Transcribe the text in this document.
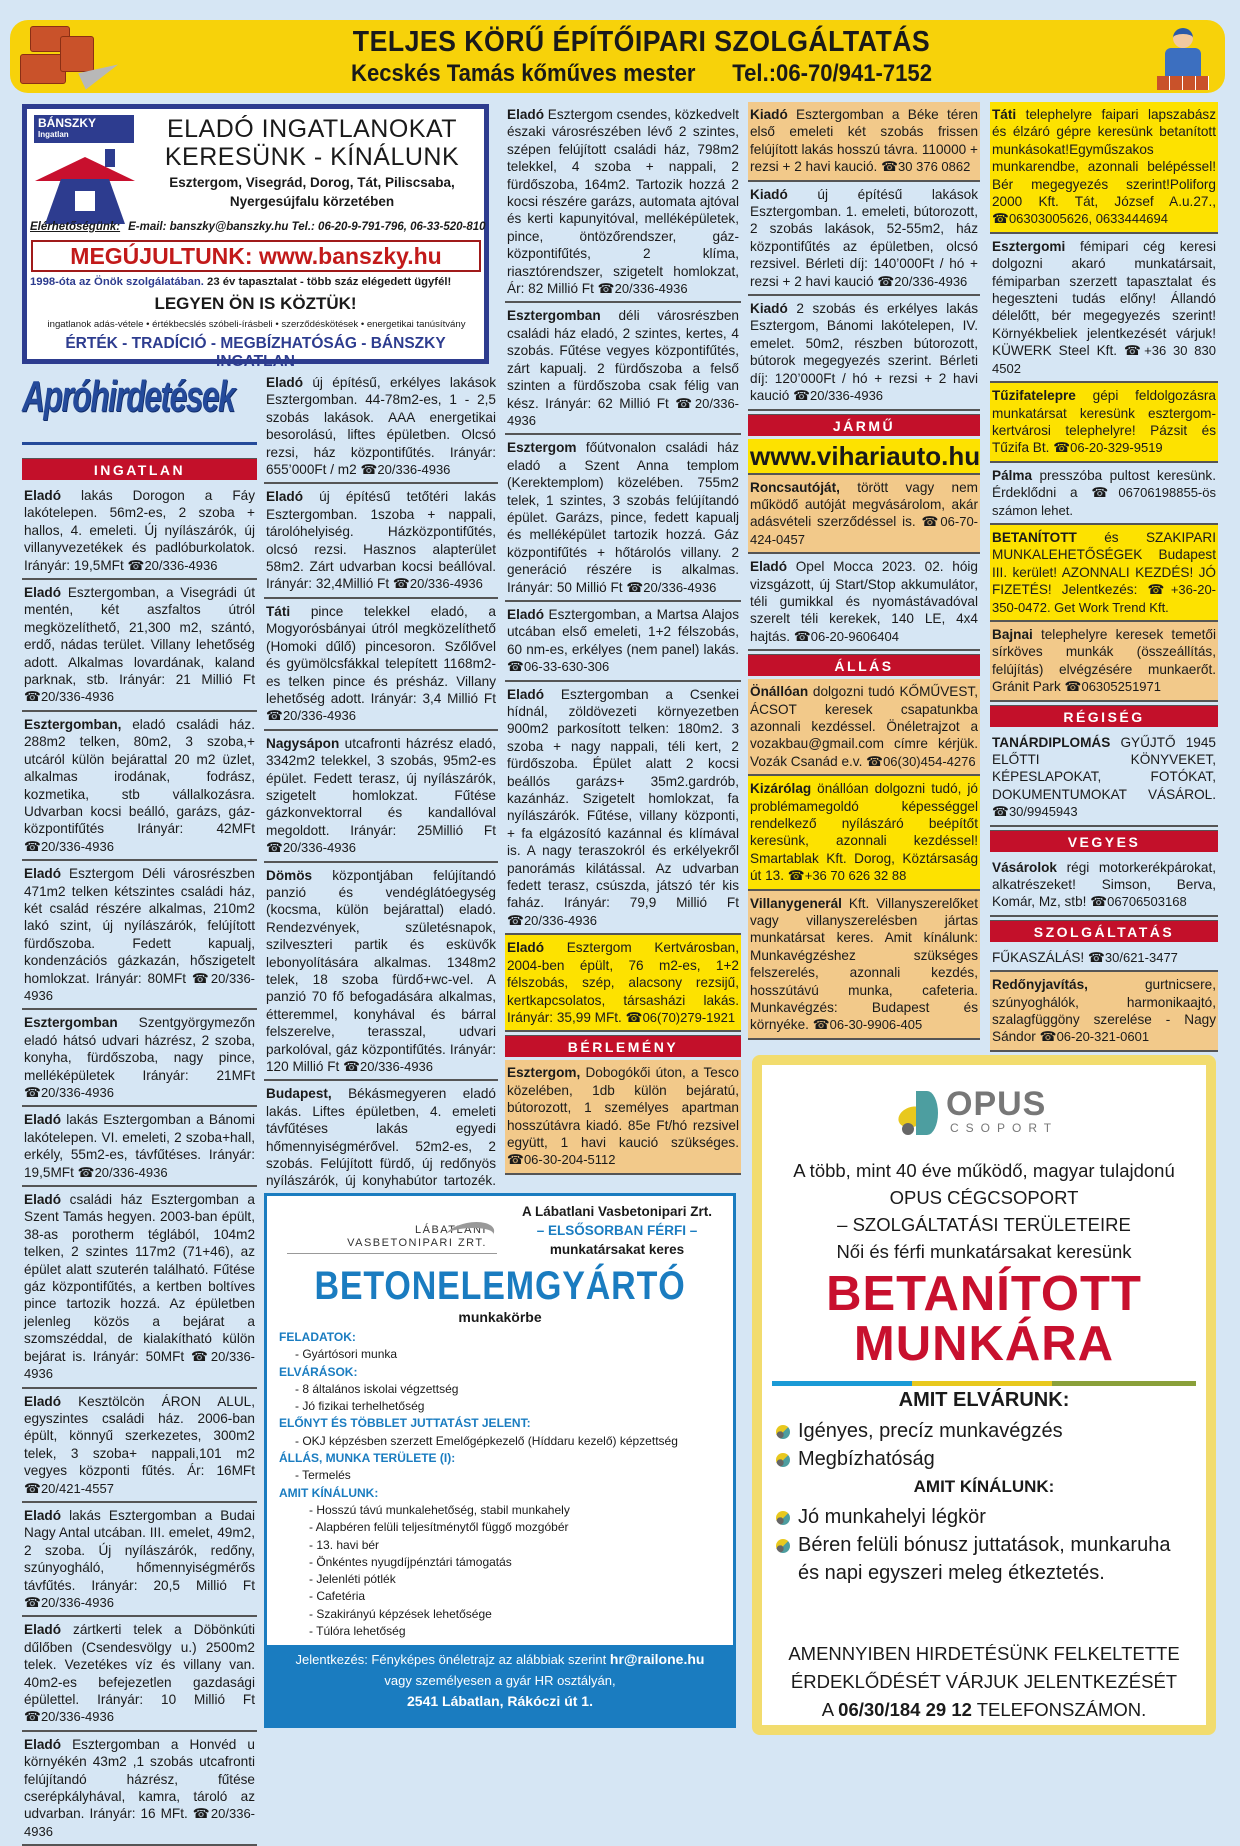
TELJES KÖRŰ ÉPÍTŐIPARI SZOLGÁLTATÁS
Kecskés Tamás kőműves mester Tel.:06-70/941-7152
BÁNSZKY
Ingatlan	ELADÓ INGATLANOKAT
KERESÜNK - KÍNÁLUNK
Esztergom, Visegrád, Dorog, Tát, Piliscsaba,
Nyergesújfalu körzetében
Elérhetőségünk: E-mail: banszky@banszky.hu Tel.: 06-20-9-791-796, 06-33-520-810
MEGÚJULTUNK: www.banszky.hu
1998-óta az Önök szolgálatában. 23 év tapasztalat - több száz elégedett ügyfél!
LEGYEN ÖN IS KÖZTÜK!
ingatlanok adás-vétele • értékbecslés szóbeli-írásbeli • szerződéskötések • energetikai tanúsítvány
ÉRTÉK - TRADÍCIÓ - MEGBÍZHATÓSÁG - BÁNSZKY INGATLAN
Apróhirdetések
INGATLAN
Eladó lakás Dorogon a Fáy lakótelepen. 56m2-es, 2 szoba + hallos, 4. emeleti. Új nyílászárók, új villanyvezetékek és padlóburkolatok. Irányár: 19,5MFt ☎20/336-4936
Eladó Esztergomban, a Visegrádi út mentén, két aszfaltos útról megközelíthető, 21,300 m2, szántó, erdő, nádas terület. Villany lehetőség adott. Alkalmas lovardának, kaland parknak, stb. Irányár: 21 Millió Ft ☎20/336-4936
Esztergomban, eladó családi ház. 288m2 telken, 80m2, 3 szoba,+ utcáról külön bejárattal 20 m2 üzlet, alkalmas irodának, fodrász, kozmetika, stb vállalkozásra. Udvarban kocsi beálló, garázs, gáz-központifűtés Irányár: 42MFt ☎20/336-4936
Eladó Esztergom Déli városrészben 471m2 telken kétszintes családi ház, két család részére alkalmas, 210m2 lakó szint, új nyílászárók, felújított fürdőszoba. Fedett kapualj, kondenzációs gázkazán, hőszigetelt homlokzat. Irányár: 80MFt ☎20/336-4936
Esztergomban Szentgyörgymezőn eladó hátsó udvari házrész, 2 szoba, konyha, fürdőszoba, nagy pince, melléképületek Irányár: 21MFt ☎20/336-4936
Eladó lakás Esztergomban a Bánomi lakótelepen. VI. emeleti, 2 szoba+hall, erkély, 55m2-es, távfűtéses. Irányár: 19,5MFt ☎20/336-4936
Eladó családi ház Esztergomban a Szent Tamás hegyen. 2003-ban épült, 38-as porotherm téglából, 104m2 telken, 2 szintes 117m2 (71+46), az épület alatt szuterén található. Fűtése gáz központifűtés, a kertben boltíves pince tartozik hozzá. Az épületben jelenleg közös a bejárat a szomszéddal, de kialakítható külön bejárat is. Irányár: 50MFt ☎20/336-4936
Eladó Kesztölcön ÁRON ALUL, egyszintes családi ház. 2006-ban épült, könnyű szerkezetes, 300m2 telek, 3 szoba+ nappali,101 m2 vegyes központi fűtés. Ár: 16MFt ☎20/421-4557
Eladó lakás Esztergomban a Budai Nagy Antal utcában. III. emelet, 49m2, 2 szoba. Új nyílászárók, redőny, szúnyogháló, hőmennyiségmérős távfűtés. Irányár: 20,5 Millió Ft ☎20/336-4936
Eladó zártkerti telek a Döbönkúti dűlőben (Csendesvölgy u.) 2500m2 telek. Vezetékes víz és villany van. 40m2-es befejezetlen gazdasági épülettel. Irányár: 10 Millió Ft ☎20/336-4936
Eladó Esztergomban a Honvéd u környékén 43m2 ,1 szobás utcafronti felújítandó házrész, fűtése cserépkályhával, kamra, tároló az udvarban. Irányár: 16 MFt. ☎20/336-4936
Eladó új építésű, erkélyes lakások Esztergomban. 44-78m2-es, 1 - 2,5 szobás lakások. AAA energetikai besorolású, liftes épületben. Olcsó rezsi, ház központifűtés. Irányár: 655’000Ft / m2 ☎20/336-4936
Eladó új építésű tetőtéri lakás Esztergomban. 1szoba + nappali, tárolóhelyiség. Házközpontifűtés, olcsó rezsi. Hasznos alapterület 58m2. Zárt udvarban kocsi beállóval. Irányár: 32,4Millió Ft ☎20/336-4936
Táti pince telekkel eladó, a Mogyorósbányai útról megközelíthető (Homoki dűlő) pincesoron. Szőlővel és gyümölcsfákkal telepített 1168m2-es telken pince és présház. Villany lehetőség adott. Irányár: 3,4 Millió Ft ☎20/336-4936
Nagysápon utcafronti házrész eladó, 3342m2 telekkel, 3 szobás, 95m2-es épület. Fedett terasz, új nyílászárók, szigetelt homlokzat. Fűtése gázkonvektorral és kandallóval megoldott. Irányár: 25Millió Ft ☎20/336-4936
Dömös központjában felújítandó panzió és vendéglátóegység (kocsma, külön bejárattal) eladó. Rendezvények, születésnapok, szilveszteri partik és esküvők lebonyolítására alkalmas. 1348m2 telek, 18 szoba fürdő+wc-vel. A panzió 70 fő befogadására alkalmas, étteremmel, konyhával és bárral felszerelve, terasszal, udvari parkolóval, gáz központifűtés. Irányár: 120 Millió Ft ☎20/336-4936
Budapest, Békásmegyeren eladó lakás. Liftes épületben, 4. emeleti távfűtéses lakás egyedi hőmennyiségmérővel. 52m2-es, 2 szobás. Felújított fürdő, új redőnyös nyílászárók, új konyhabútor tartozék.
Eladó Esztergom csendes, közkedvelt északi városrészében lévő 2 szintes, szépen felújított családi ház, 798m2 telekkel, 4 szoba + nappali, 2 fürdőszoba, 164m2. Tartozik hozzá 2 kocsi részére garázs, automata ajtóval és kerti kapunyitóval, melléképületek, pince, öntözőrendszer, gáz-központifűtés, 2 klíma, riasztórendszer, szigetelt homlokzat, Ár: 82 Millió Ft ☎20/336-4936
Esztergomban déli városrészben családi ház eladó, 2 szintes, kertes, 4 szobás. Fűtése vegyes központifűtés, zárt kapualj. 2 fürdőszoba a felső szinten a fürdőszoba csak félig van kész. Irányár: 62 Millió Ft ☎20/336-4936
Esztergom főútvonalon családi ház eladó a Szent Anna templom (Kerektemplom) közelében. 755m2 telek, 1 szintes, 3 szobás felújítandó épület. Garázs, pince, fedett kapualj és melléképület tartozik hozzá. Gáz központifűtés + hőtárolós villany. 2 generáció részére is alkalmas. Irányár: 50 Millió Ft ☎20/336-4936
Eladó Esztergomban, a Martsa Alajos utcában első emeleti, 1+2 félszobás, 60 nm-es, erkélyes (nem panel) lakás. ☎06-33-630-306
Eladó Esztergomban a Csenkei hídnál, zöldövezeti környezetben 900m2 parkosított telken: 180m2. 3 szoba + nagy nappali, téli kert, 2 fürdőszoba. Épület alatt 2 kocsi beállós garázs+ 35m2.gardrób, kazánház. Szigetelt homlokzat, fa nyílászárók. Fűtése, villany központi, + fa elgázosító kazánnal és klímával is. A nagy teraszokról és erkélyekről panorámás kilátással. Az udvarban fedett terasz, csúszda, játszó tér kis faház. Irányár: 79,9 Millió Ft ☎20/336-4936
Eladó Esztergom Kertvárosban, 2004-ben épült, 76 m2-es, 1+2 félszobás, szép, alacsony rezsijű, kertkapcsolatos, társasházi lakás. Irányár: 35,99 MFt. ☎06(70)279-1921
BÉRLEMÉNY
Esztergom, Dobogókői úton, a Tesco közelében, 1db külön bejáratú, bútorozott, 1 személyes apartman hosszútávra kiadó. 85e Ft/hó rezsivel együtt, 1 havi kaució szükséges. ☎06-30-204-5112
Kiadó Esztergomban a Béke téren első emeleti két szobás frissen felújított lakás hosszú távra. 110000 + rezsi + 2 havi kaució. ☎30 376 0862
Kiadó új építésű lakások Esztergomban. 1. emeleti, bútorozott, 2 szobás lakások, 52-55m2, ház központifűtés az épületben, olcsó rezsivel. Bérleti díj: 140’000Ft / hó + rezsi + 2 havi kaució ☎20/336-4936
Kiadó 2 szobás és erkélyes lakás Esztergom, Bánomi lakótelepen, IV. emelet. 50m2, részben bútorozott, bútorok megegyezés szerint. Bérleti díj: 120’000Ft / hó + rezsi + 2 havi kaució ☎20/336-4936
JÁRMŰ
www.vihariauto.hu
Roncsautóját, törött vagy nem működő autóját megvásárolom, akár adásvételi szerződéssel is. ☎06-70-424-0457
Eladó Opel Mocca 2023. 02. hóig vizsgázott, új Start/Stop akkumulátor, téli gumikkal és nyomástávadóval szerelt téli kerekek, 140 LE, 4x4 hajtás. ☎06-20-9606404
ÁLLÁS
Önállóan dolgozni tudó KŐMŰVEST, ÁCSOT keresek csapatunkba azonnali kezdéssel. Önéletrajzot a vozakbau@gmail.com címre kérjük. Vozák Csanád e.v. ☎06(30)454-4276
Kizárólag önállóan dolgozni tudó, jó problémamegoldó képességgel rendelkező nyílászáró beépítőt keresünk, azonnali kezdéssel! Smartablak Kft. Dorog, Köztársaság út 13. ☎+36 70 626 32 88
Villanygenerál Kft. Villanyszerelőket vagy villanyszerelésben jártas munkatársat keres. Amit kínálunk: Munkavégzéshez szükséges felszerelés, azonnali kezdés, hosszútávú munka, cafeteria. Munkavégzés: Budapest és környéke. ☎06-30-9906-405
Táti telephelyre faipari lapszabász és élzáró gépre keresünk betanított munkásokat!Egyműszakos munkarendbe, azonnali belépéssel! Bér megegyezés szerint!Poliforg 2000 Kft. Tát, József A.u.27., ☎06303005626, 0633444694
Esztergomi fémipari cég keresi dolgozni akaró munkatársait, fémiparban szerzett tapasztalat és hegeszteni tudás előny! Állandó délelőtt, bér megegyezés szerint! Környékbeliek jelentkezését várjuk! KÜWERK Steel Kft. ☎+36 30 830 4502
Tűzifatelepre gépi feldolgozásra munkatársat keresünk esztergom-kertvárosi telephelyre! Pázsit és Tűzifa Bt. ☎06-20-329-9519
Pálma presszóba pultost keresünk. Érdeklődni a ☎06706198855-ös számon lehet.
BETANÍTOTT és SZAKIPARI MUNKALEHETŐSÉGEK Budapest III. kerület! AZONNALI KEZDÉS! JÓ FIZETÉS! Jelentkezés: ☎+36-20-350-0472. Get Work Trend Kft.
Bajnai telephelyre keresek temetői sírköves munkák (összeállítás, felújítás) elvégzésére munkaerőt. Gránit Park ☎06305251971
RÉGISÉG
TANÁRDIPLOMÁS GYŰJTŐ 1945 ELŐTTI KÖNYVEKET, KÉPESLAPOKAT, FOTÓKAT, DOKUMENTUMOKAT VÁSÁROL. ☎30/9945943
VEGYES
Vásárolok régi motorkerékpárokat, alkatrészeket! Simson, Berva, Komár, Mz, stb! ☎06706503168
SZOLGÁLTATÁS
FŰKASZÁLÁS! ☎30/621-3477
Redőnyjavítás, gurtnicsere, szúnyoghálók, harmonikaajtó, szalagfüggöny szerelése - Nagy Sándor ☎06-20-321-0601
LÁBATLANI
VASBETONIPARI ZRT.
A Lábatlani Vasbetonipari Zrt.
– ELSŐSORBAN FÉRFI –
munkatársakat keres
BETONELEMGYÁRTÓ
munkakörbe
FELADATOK:
- Gyártósori munka
ELVÁRÁSOK:
- 8 általános iskolai végzettség
- Jó fizikai terhelhetőség
ELŐNYT ÉS TÖBBLET JUTTATÁST JELENT:
- OKJ képzésben szerzett Emelőgépkezelő (Híddaru kezelő) képzettség
ÁLLÁS, MUNKA TERÜLETE (I):
- Termelés
AMIT KÍNÁLUNK:
- Hosszú távú munkalehetőség, stabil munkahely
- Alapbéren felüli teljesítménytől függő mozgóbér
- 13. havi bér
- Önkéntes nyugdíjpénztári támogatás
- Jelenléti pótlék
- Cafetéria
- Szakirányú képzések lehetősége
- Túlóra lehetőség
Jelentkezés: Fényképes önéletrajz az alábbiak szerint hr@railone.hu
vagy személyesen a gyár HR osztályán,
2541 Lábatlan, Rákóczi út 1.
OPUS
CSOPORT
A több, mint 40 éve működő, magyar tulajdonú
OPUS CÉGCSOPORT
– SZOLGÁLTATÁSI TERÜLETEIRE
Női és férfi munkatársakat keresünk
BETANÍTOTT
MUNKÁRA
AMIT ELVÁRUNK:
Igényes, precíz munkavégzés
Megbízhatóság
AMIT KÍNÁLUNK:
Jó munkahelyi légkör
Béren felüli bónusz juttatások, munkaruha
és napi egyszeri meleg étkeztetés.
AMENNYIBEN HIRDETÉSÜNK FELKELTETTE
ÉRDEKLŐDÉSÉT VÁRJUK JELENTKEZÉSÉT
A 06/30/184 29 12 TELEFONSZÁMON.
